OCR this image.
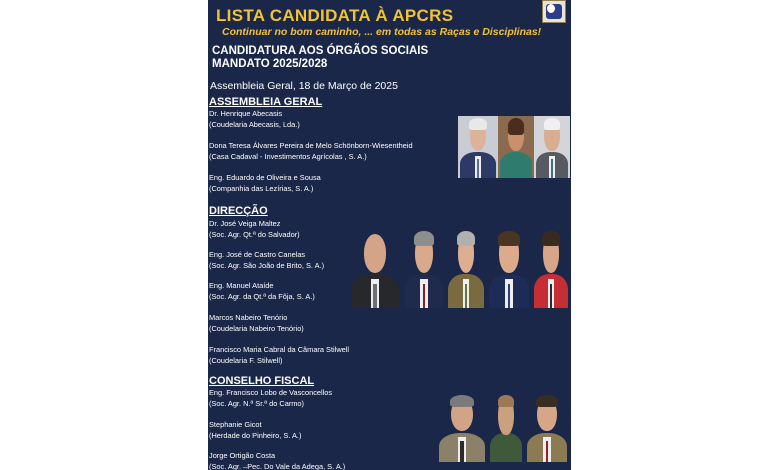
LISTA CANDIDATA À APCRS
Continuar no bom caminho, ... em todas as Raças e Disciplinas!
CANDIDATURA AOS ÓRGÃOS SOCIAIS
MANDATO 2025/2028
Assembleia Geral, 18 de Março de 2025
ASSEMBLEIA GERAL
Dr. Henrique Abecasis
(Coudelaria Abecasis, Lda.)
Dona Teresa Álvares Pereira de Melo Schönborn-Wiesentheid
(Casa Cadaval - Investimentos Agrícolas , S. A.)
Eng. Eduardo de Oliveira e Sousa
(Companhia das Lezírias, S. A.)
DIRECÇÃO
Dr. José Veiga Maltez
(Soc. Agr. Qt.ª do Salvador)
Eng. José de Castro Canelas
(Soc. Agr. São João de Brito, S. A.)
Eng. Manuel Ataíde
(Soc. Agr. da Qt.ª da Fôja, S. A.)
Marcos Nabeiro Tenório
(Coudelaria Nabeiro Tenório)
Francisco Maria Cabral da Câmara Stilwell
(Coudelaria F. Stilwell)
CONSELHO FISCAL
Eng. Francisco Lobo de Vasconcellos
(Soc. Agr. N.ª Sr.ª do Carmo)
Stephanie Gicot
(Herdade do Pinheiro, S. A.)
Jorge Ortigão Costa
(Soc. Agr. –Pec. Do Vale da Adega, S. A.)
